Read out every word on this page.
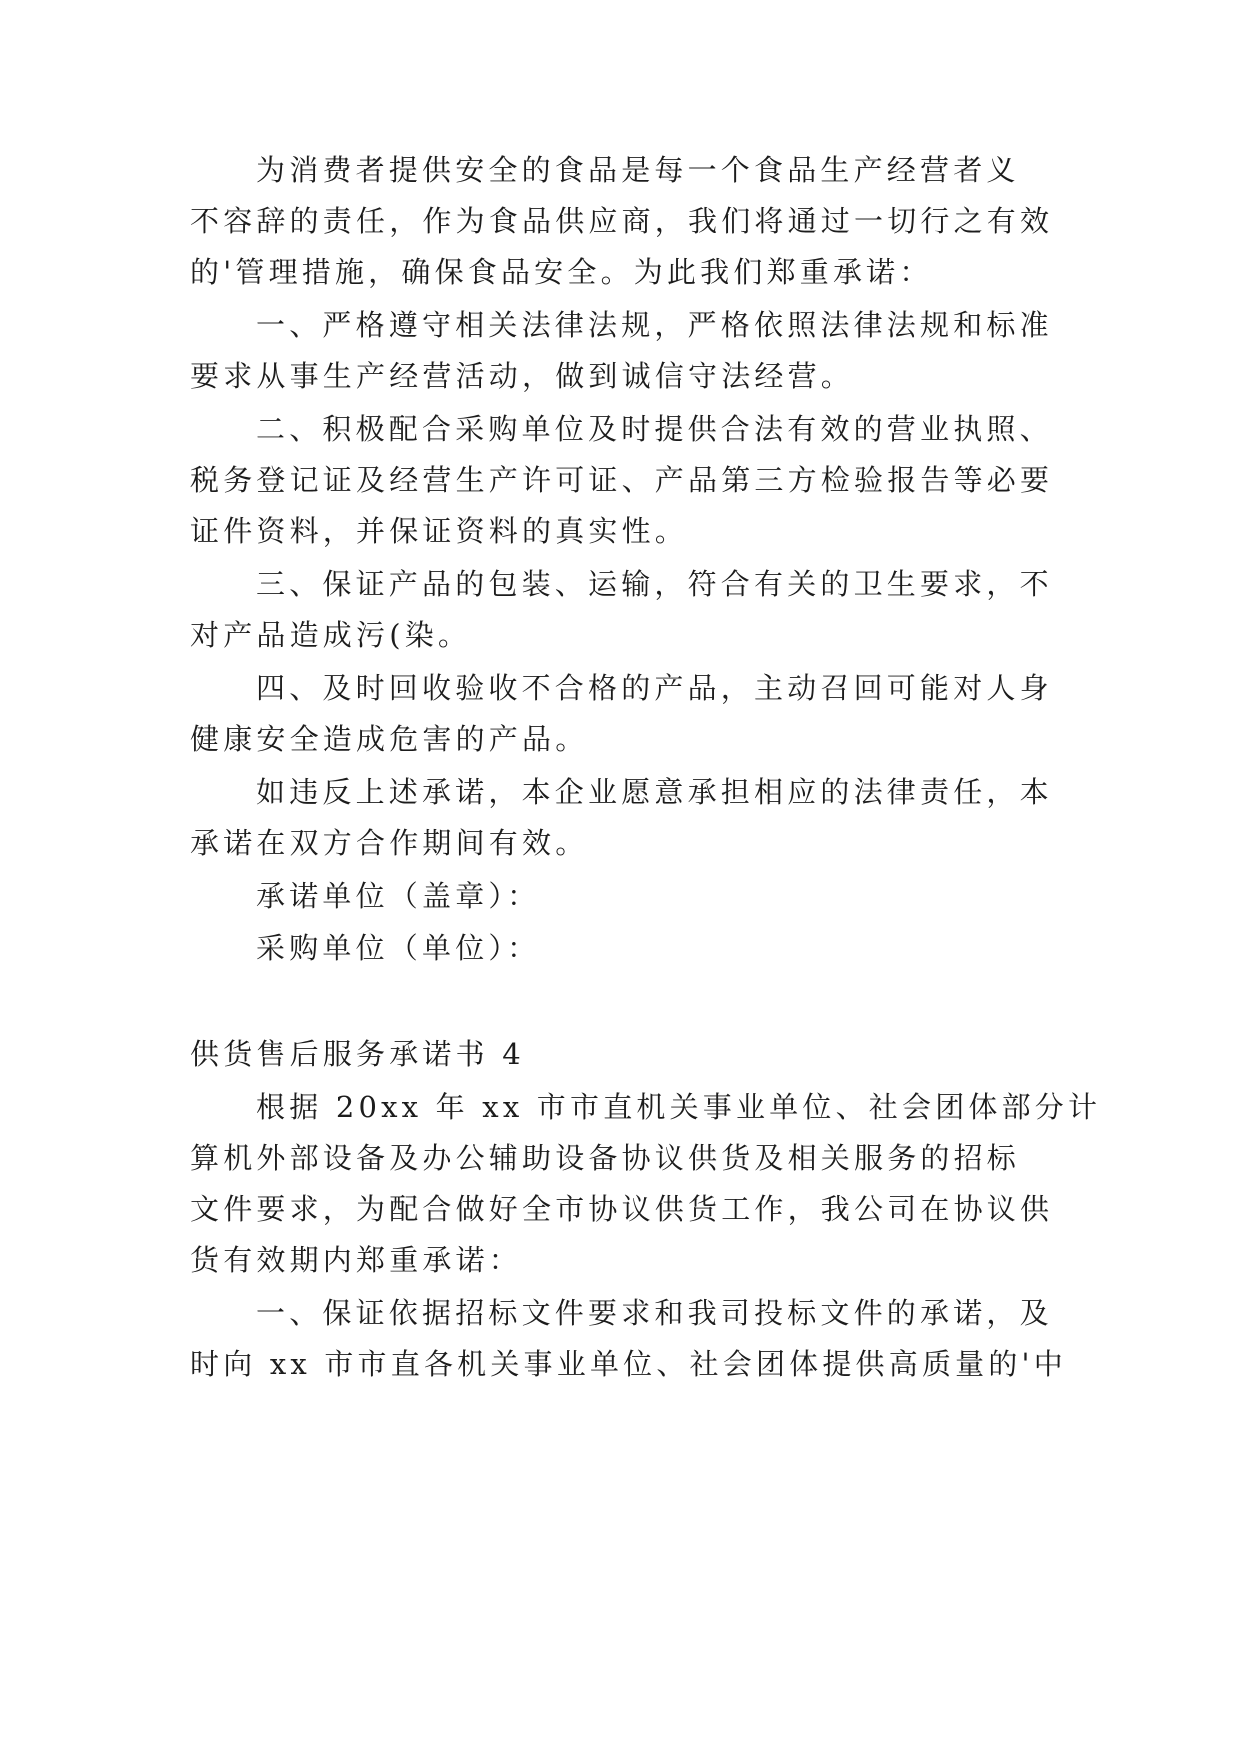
为消费者提供安全的食品是每一个食品生产经营者义

不容辞的责任，作为食品供应商，我们将通过一切行之有效

的'管理措施，确保食品安全。为此我们郑重承诺：

一、严格遵守相关法律法规，严格依照法律法规和标准

要求从事生产经营活动，做到诚信守法经营。

二、积极配合采购单位及时提供合法有效的营业执照、

税务登记证及经营生产许可证、产品第三方检验报告等必要

证件资料，并保证资料的真实性。

三、保证产品的包装、运输，符合有关的卫生要求，不

对产品造成污(染。

四、及时回收验收不合格的产品，主动召回可能对人身

健康安全造成危害的产品。

如违反上述承诺，本企业愿意承担相应的法律责任，本

承诺在双方合作期间有效。

承诺单位（盖章）：

采购单位（单位）：

供货售后服务承诺书 4

根据 20xx 年 xx 市市直机关事业单位、社会团体部分计

算机外部设备及办公辅助设备协议供货及相关服务的招标

文件要求，为配合做好全市协议供货工作，我公司在协议供

货有效期内郑重承诺：

一、保证依据招标文件要求和我司投标文件的承诺，及

时向 xx 市市直各机关事业单位、社会团体提供高质量的'中
